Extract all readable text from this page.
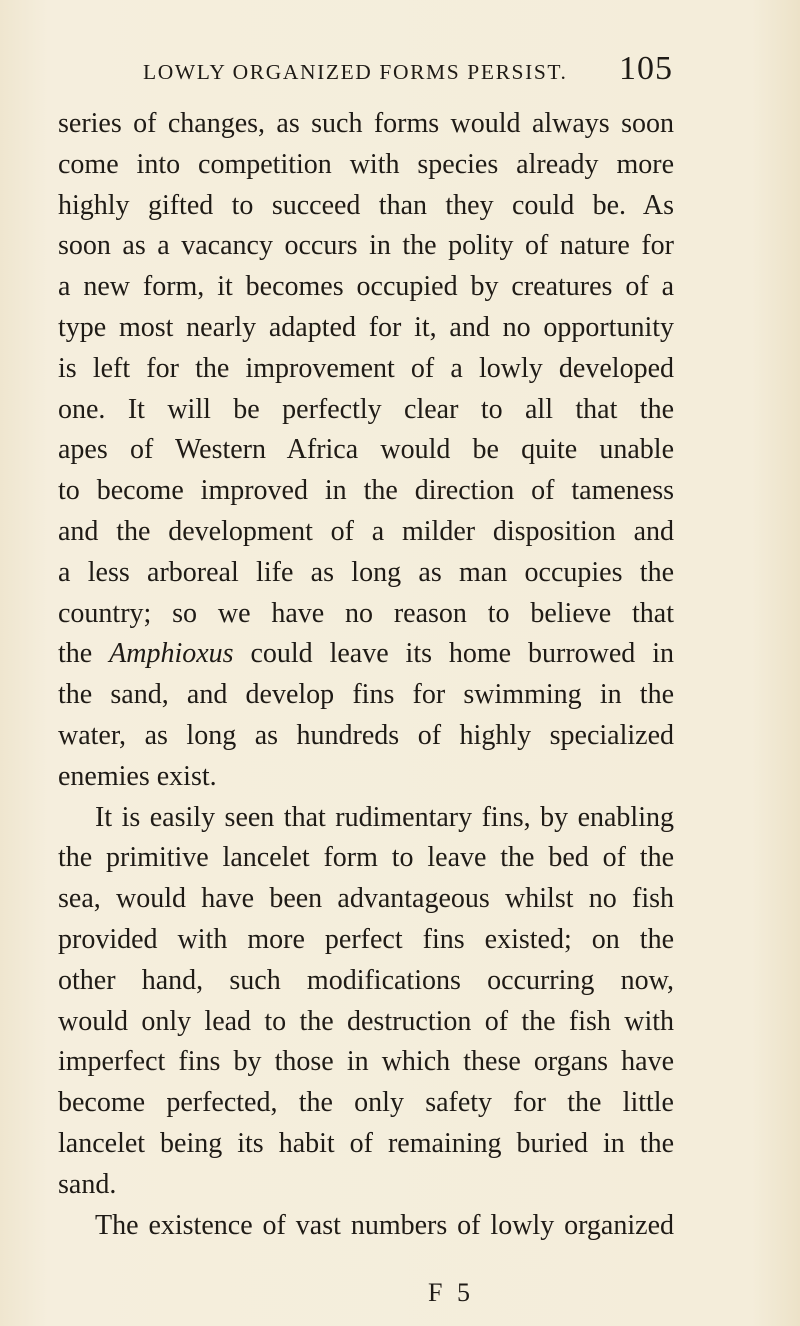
LOWLY ORGANIZED FORMS PERSIST. 105
series of changes, as such forms would always soon
come into competition with species already more
highly gifted to succeed than they could be. As
soon as a vacancy occurs in the polity of nature for
a new form, it becomes occupied by creatures of a
type most nearly adapted for it, and no opportunity
is left for the improvement of a lowly developed
one. It will be perfectly clear to all that the
apes of Western Africa would be quite unable
to become improved in the direction of tameness
and the development of a milder disposition and
a less arboreal life as long as man occupies the
country; so we have no reason to believe that
the Amphioxus could leave its home burrowed in
the sand, and develop fins for swimming in the
water, as long as hundreds of highly specialized
enemies exist.
It is easily seen that rudimentary fins, by enabling
the primitive lancelet form to leave the bed of the
sea, would have been advantageous whilst no fish
provided with more perfect fins existed; on the
other hand, such modifications occurring now,
would only lead to the destruction of the fish with
imperfect fins by those in which these organs have
become perfected, the only safety for the little
lancelet being its habit of remaining buried in the
sand.
The existence of vast numbers of lowly organized
F 5
